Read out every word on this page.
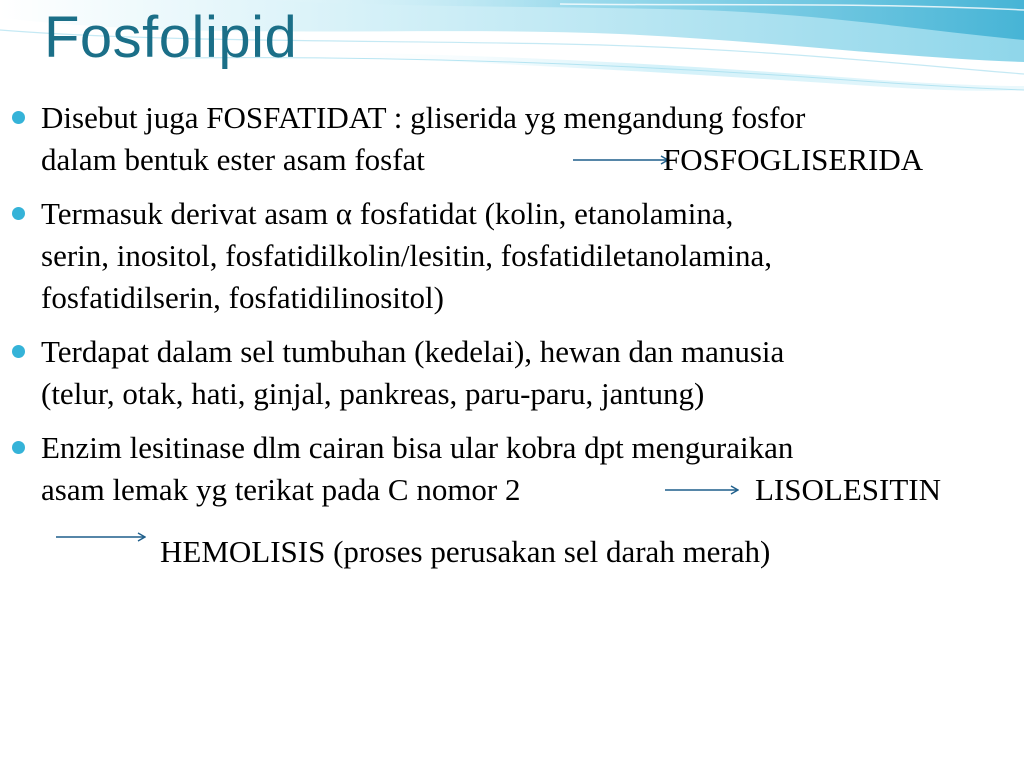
Fosfolipid
Disebut juga FOSFATIDAT : gliserida yg mengandung fosfor
dalam bentuk ester asam fosfat	FOSFOGLISERIDA
Termasuk derivat asam α fosfatidat (kolin, etanolamina,
serin, inositol, fosfatidilkolin/lesitin, fosfatidiletanolamina,
fosfatidilserin, fosfatidilinositol)
Terdapat dalam sel tumbuhan (kedelai), hewan dan manusia
(telur, otak, hati, ginjal, pankreas, paru-paru, jantung)
Enzim lesitinase dlm cairan bisa ular kobra dpt menguraikan
asam lemak yg terikat pada C nomor 2	LISOLESITIN
HEMOLISIS (proses perusakan sel darah merah)
